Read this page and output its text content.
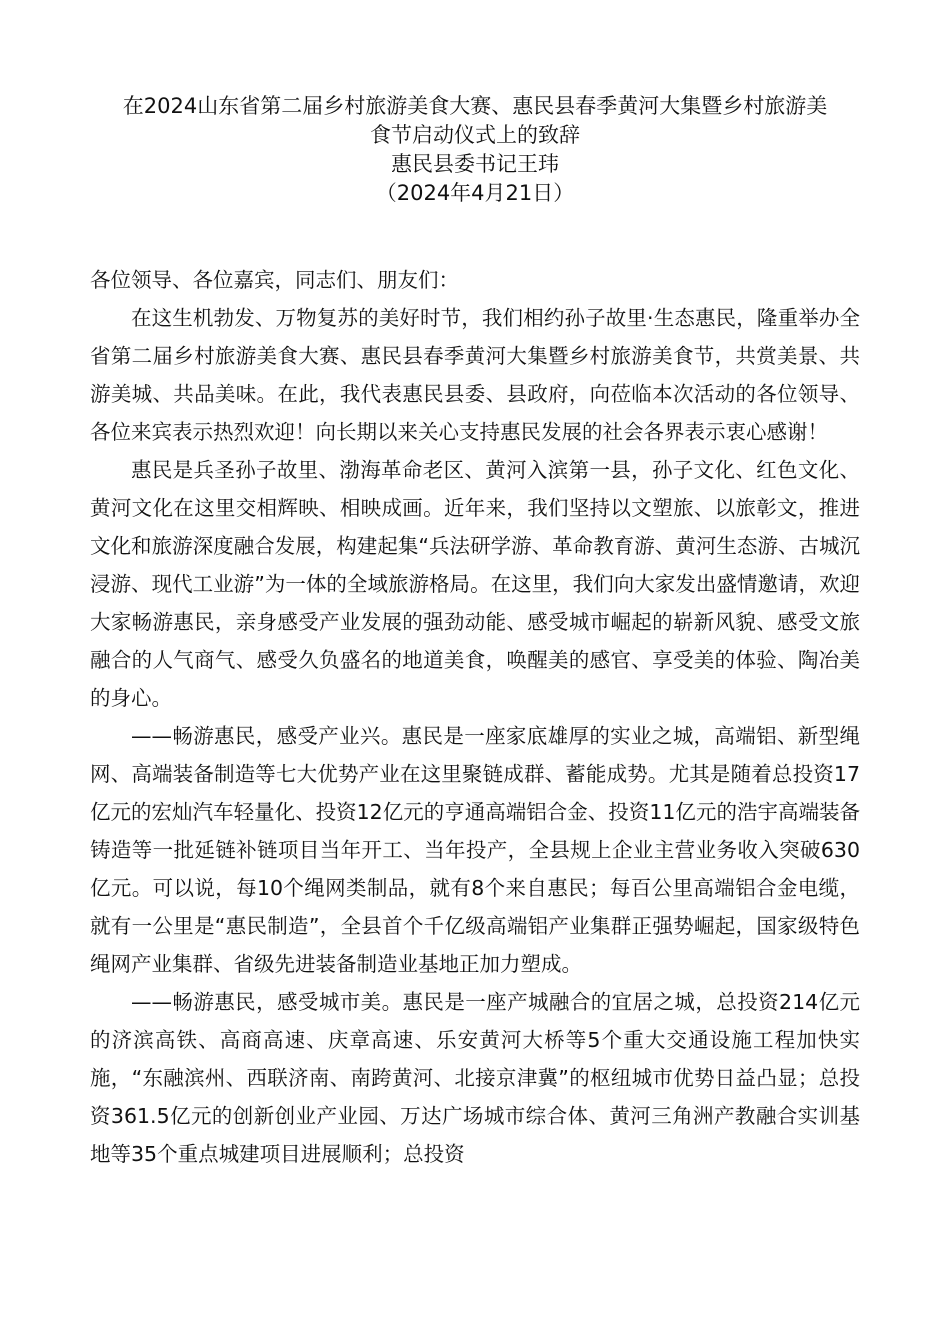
在2024山东省第二届乡村旅游美食大赛、惠民县春季黄河大集暨乡村旅游美
食节启动仪式上的致辞
惠民县委书记王玮
（2024年4月21日）
各位领导、各位嘉宾，同志们、朋友们：

在这生机勃发、万物复苏的美好时节，我们相约孙子故里·生态惠民，隆重举办全省第二届乡村旅游美食大赛、惠民县春季黄河大集暨乡村旅游美食节，共赏美景、共游美城、共品美味。在此，我代表惠民县委、县政府，向莅临本次活动的各位领导、各位来宾表示热烈欢迎！向长期以来关心支持惠民发展的社会各界表示衷心感谢！

惠民是兵圣孙子故里、渤海革命老区、黄河入滨第一县，孙子文化、红色文化、黄河文化在这里交相辉映、相映成画。近年来，我们坚持以文塑旅、以旅彰文，推进文化和旅游深度融合发展，构建起集“兵法研学游、革命教育游、黄河生态游、古城沉浸游、现代工业游”为一体的全域旅游格局。在这里，我们向大家发出盛情邀请，欢迎大家畅游惠民，亲身感受产业发展的强劲动能、感受城市崛起的崭新风貌、感受文旅融合的人气商气、感受久负盛名的地道美食，唤醒美的感官、享受美的体验、陶冶美的身心。

——畅游惠民，感受产业兴。惠民是一座家底雄厚的实业之城，高端铝、新型绳网、高端装备制造等七大优势产业在这里聚链成群、蓄能成势。尤其是随着总投资17亿元的宏灿汽车轻量化、投资12亿元的亨通高端铝合金、投资11亿元的浩宇高端装备铸造等一批延链补链项目当年开工、当年投产，全县规上企业主营业务收入突破630亿元。可以说，每10个绳网类制品，就有8个来自惠民；每百公里高端铝合金电缆，就有一公里是“惠民制造”，全县首个千亿级高端铝产业集群正强势崛起，国家级特色绳网产业集群、省级先进装备制造业基地正加力塑成。

——畅游惠民，感受城市美。惠民是一座产城融合的宜居之城，总投资214亿元的济滨高铁、高商高速、庆章高速、乐安黄河大桥等5个重大交通设施工程加快实施，“东融滨州、西联济南、南跨黄河、北接京津冀”的枢纽城市优势日益凸显；总投资361.5亿元的创新创业产业园、万达广场城市综合体、黄河三角洲产教融合实训基地等35个重点城建项目进展顺利；总投资
